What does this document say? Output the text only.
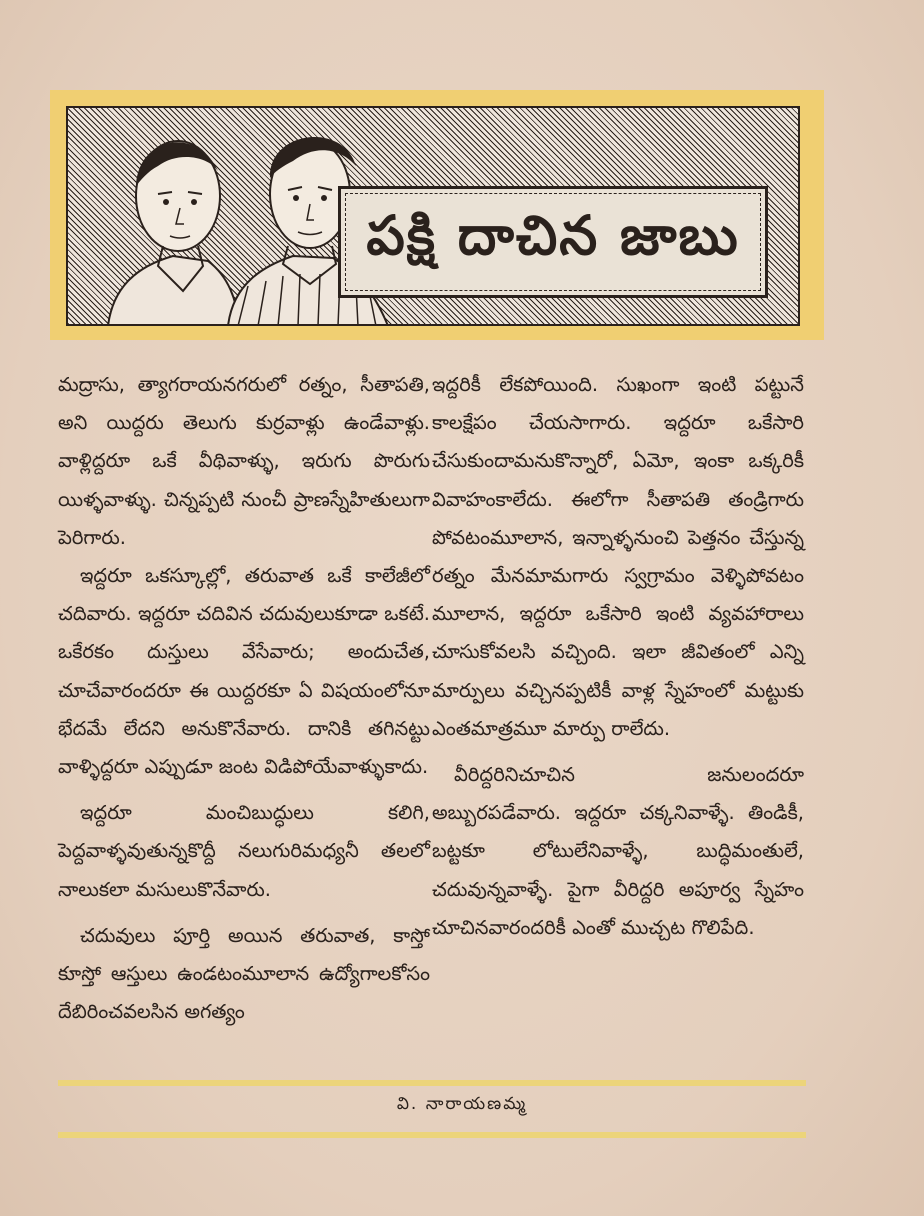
పక్షి దాచిన జాబు

మద్రాసు, త్యాగరాయనగరులో రత్నం, సీతాపతి, అని యిద్దరు తెలుగు కుర్రవాళ్లు ఉండేవాళ్లు. వాళ్లిద్దరూ ఒకే వీథివాళ్ళు, ఇరుగు పొరుగు యిళ్ళవాళ్ళు. చిన్నప్పటి నుంచీ ప్రాణస్నేహితులుగా పెరిగారు.

ఇద్దరూ ఒకస్కూల్లో, తరువాత ఒకే కాలేజీలో చదివారు. ఇద్దరూ చదివిన చదువులుకూడా ఒకటే. ఒకేరకం దుస్తులు వేసేవారు; అందుచేత, చూచేవారందరూ ఈ యిద్దరకూ ఏ విషయంలోనూ భేదమే లేదని అనుకొనేవారు. దానికి తగినట్టు వాళ్ళిద్దరూ ఎప్పుడూ జంట విడిపోయేవాళ్ళుకాదు.

ఇద్దరూ మంచిబుద్ధులు కలిగి, పెద్దవాళ్ళవుతున్నకొద్దీ నలుగురిమధ్యనీ తలలో నాలుకలా మసులుకొనేవారు.

చదువులు పూర్తి అయిన తరువాత, కాస్తో కూస్తో ఆస్తులు ఉండటంమూలాన ఉద్యోగాలకోసం దేబిరించవలసిన అగత్యం

ఇద్దరికీ లేకపోయింది. సుఖంగా ఇంటి పట్టునే కాలక్షేపం చేయసాగారు. ఇద్దరూ ఒకేసారి చేసుకుందామనుకొన్నారో, ఏమో, ఇంకా ఒక్కరికీ వివాహంకాలేదు. ఈలోగా సీతాపతి తండ్రిగారు పోవటంమూలాన, ఇన్నాళ్ళనుంచి పెత్తనం చేస్తున్న రత్నం మేనమామగారు స్వగ్రామం వెళ్ళిపోవటం మూలాన, ఇద్దరూ ఒకేసారి ఇంటి వ్యవహారాలు చూసుకోవలసి వచ్చింది. ఇలా జీవితంలో ఎన్ని మార్పులు వచ్చినప్పటికీ వాళ్ల స్నేహంలో మట్టుకు ఎంతమాత్రమూ మార్పు రాలేదు.

వీరిద్దరినిచూచిన జనులందరూ అబ్బురపడేవారు. ఇద్దరూ చక్కనివాళ్ళే. తిండికీ, బట్టకూ లోటులేనివాళ్ళే, బుద్ధిమంతులే, చదువున్నవాళ్ళే. పైగా వీరిద్దరి అపూర్వ స్నేహం చూచినవారందరికీ ఎంతో ముచ్చట గొలిపేది.

వి. నారాయణమ్మ
